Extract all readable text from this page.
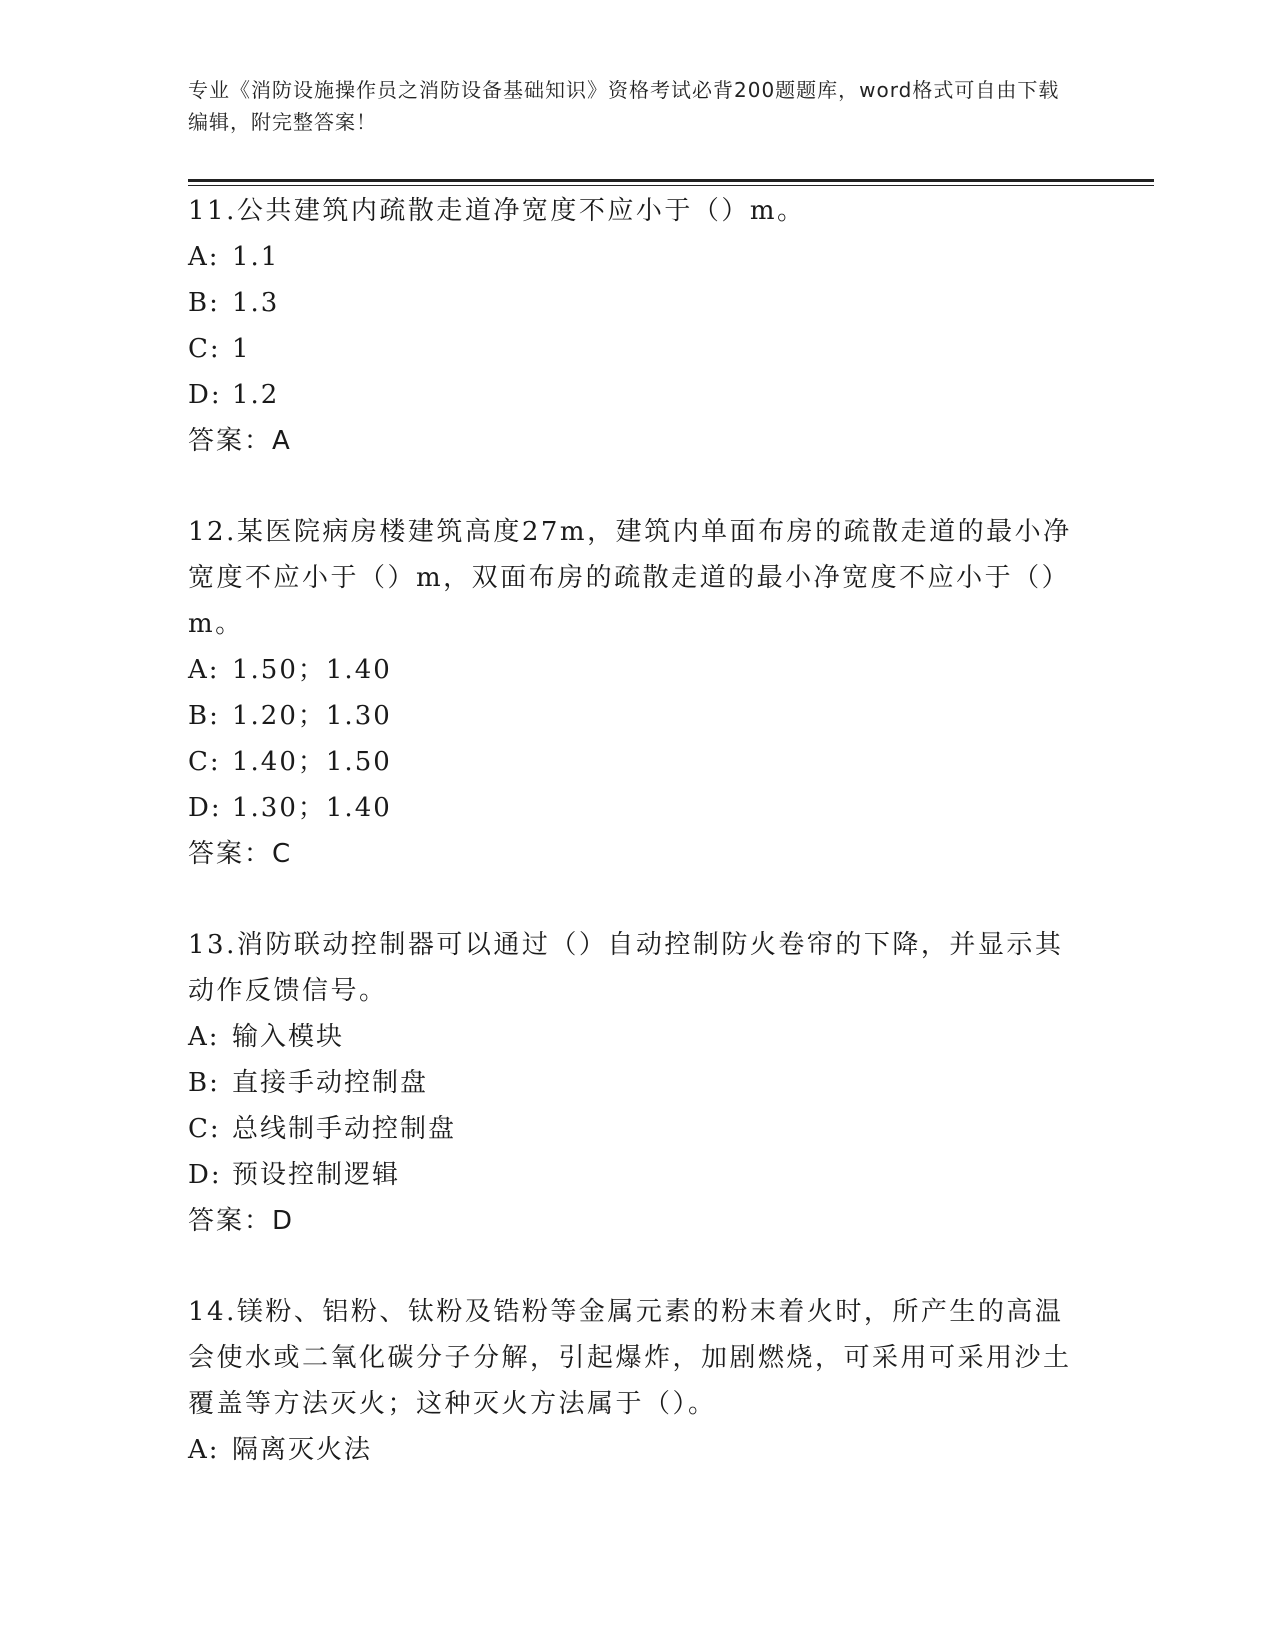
专业《消防设施操作员之消防设备基础知识》资格考试必背200题题库，word格式可自由下载编辑，附完整答案！

11.公共建筑内疏散走道净宽度不应小于（）m。

A: 1.1

B: 1.3

C: 1

D: 1.2

答案：A

12.某医院病房楼建筑高度27m，建筑内单面布房的疏散走道的最小净宽度不应小于（）m，双面布房的疏散走道的最小净宽度不应小于（）m。

A: 1.50；1.40

B: 1.20；1.30

C: 1.40；1.50

D: 1.30；1.40

答案：C

13.消防联动控制器可以通过（）自动控制防火卷帘的下降，并显示其动作反馈信号。

A: 输入模块

B: 直接手动控制盘

C: 总线制手动控制盘

D: 预设控制逻辑

答案：D

14.镁粉、铝粉、钛粉及锆粉等金属元素的粉末着火时，所产生的高温会使水或二氧化碳分子分解，引起爆炸，加剧燃烧，可采用可采用沙土覆盖等方法灭火；这种灭火方法属于（）。

A: 隔离灭火法
